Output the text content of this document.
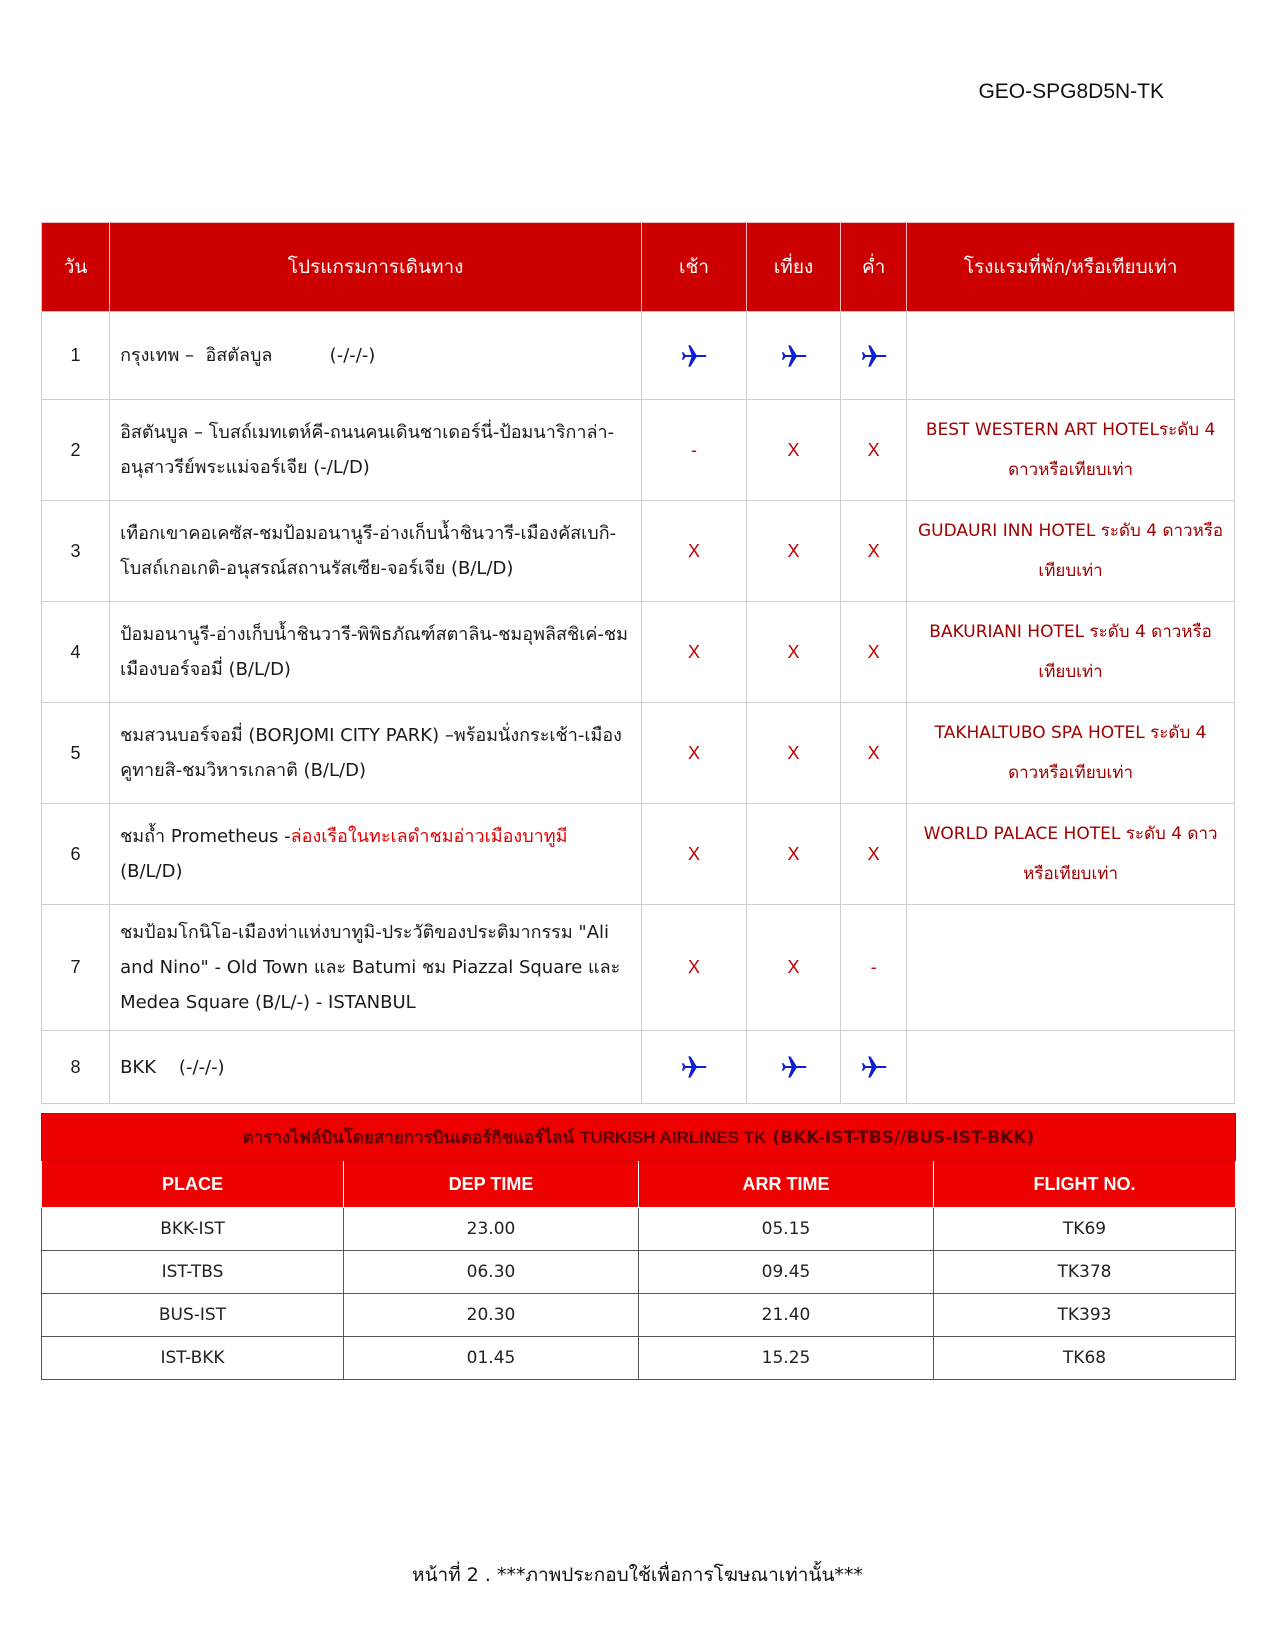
GEO-SPG8D5N-TK
วัน	โปรแกรมการเดินทาง	เช้า	เที่ยง	ค่ำ	โรงแรมที่พัก/หรือเทียบเท่า
1	กรุงเทพ –  อิสตัลบูล          (-/-/-)				
2	อิสตันบูล – โบสถ์เมทเตห์คี-ถนนคนเดินชาเดอร์นี่-ป้อมนาริกาล่า-อนุสาวรีย์พระแม่จอร์เจีย (-/L/D)	-	X	X	BEST WESTERN ART HOTELระดับ 4 ดาวหรือเทียบเท่า
3	เทือกเขาคอเคซัส-ชมป้อมอนานูรี-อ่างเก็บน้ำชินวารี-เมืองคัสเบกิ-โบสถ์เกอเกติ-อนุสรณ์สถานรัสเซีย-จอร์เจีย (B/L/D)	X	X	X	GUDAURI INN HOTEL ระดับ 4 ดาวหรือเทียบเท่า
4	ป้อมอนานูรี-อ่างเก็บน้ำชินวารี-พิพิธภัณฑ์สตาลิน-ชมอุพลิสชิเค่-ชม เมืองบอร์จอมี่ (B/L/D)	X	X	X	BAKURIANI HOTEL ระดับ 4 ดาวหรือเทียบเท่า
5	ชมสวนบอร์จอมี่ (BORJOMI CITY PARK) –พร้อมนั่งกระเช้า-เมืองคูทายสิ-ชมวิหารเกลาติ (B/L/D)	X	X	X	TAKHALTUBO SPA HOTEL ระดับ 4 ดาวหรือเทียบเท่า
6	ชมถ้ำ Prometheus -ล่องเรือในทะเลดำชมอ่าวเมืองบาทูมี
(B/L/D)	X	X	X	WORLD PALACE HOTEL ระดับ 4 ดาวหรือเทียบเท่า
7	ชมป้อมโกนิโอ-เมืองท่าแห่งบาทูมิ-ประวัติของประติมากรรม "Ali and Nino" - Old Town และ Batumi ชม Piazzal Square และ Medea Square (B/L/-) - ISTANBUL	X	X	-	
8	BKK    (-/-/-)				
ตารางไฟล์บินโดยสายการบินเตอร์กิชแอร์ไลน์ TURKISH AIRLINES TK (BKK-IST-TBS//BUS-IST-BKK)			
PLACE	DEP TIME	ARR TIME	FLIGHT NO.
BKK-IST	23.00	05.15	TK69
IST-TBS	06.30	09.45	TK378
BUS-IST	20.30	21.40	TK393
IST-BKK	01.45	15.25	TK68
หน้าที่ 2 . ***ภาพประกอบใช้เพื่อการโฆษณาเท่านั้น***
